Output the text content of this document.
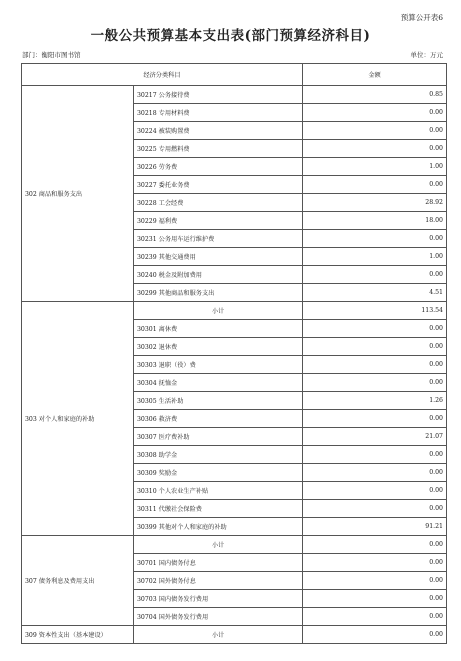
预算公开表6
一般公共预算基本支出表(部门预算经济科目)
部门：衡阳市图书馆	单位：万元
经济分类科目		金额
302 商品和服务支出	30217 公务接待费	0.85
	30218 专用材料费	0.00
	30224 被装购置费	0.00
	30225 专用燃料费	0.00
	30226 劳务费	1.00
	30227 委托业务费	0.00
	30228 工会经费	28.92
	30229 福利费	18.00
	30231 公务用车运行维护费	0.00
	30239 其他交通费用	1.00
	30240 税金及附加费用	0.00
	30299 其他商品和服务支出	4.51
303 对个人和家庭的补助	小计	113.54
	30301 离休费	0.00
	30302 退休费	0.00
	30303 退职（役）费	0.00
	30304 抚恤金	0.00
	30305 生活补助	1.26
	30306 救济费	0.00
	30307 医疗费补助	21.07
	30308 助学金	0.00
	30309 奖励金	0.00
	30310 个人农业生产补贴	0.00
	30311 代缴社会保险费	0.00
	30399 其他对个人和家庭的补助	91.21
307 债务利息及费用支出	小计	0.00
	30701 国内债务付息	0.00
	30702 国外债务付息	0.00
	30703 国内债务发行费用	0.00
	30704 国外债务发行费用	0.00
309 资本性支出（基本建设）	小计	0.00
